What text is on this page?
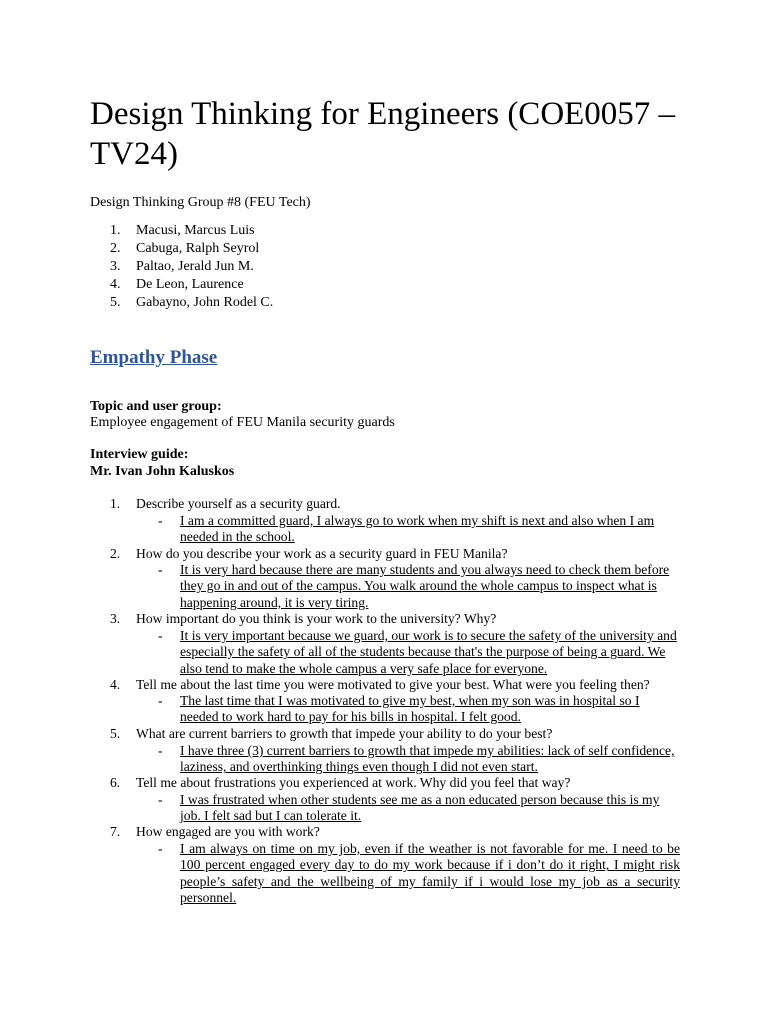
Design Thinking for Engineers (COE0057 – TV24)

Design Thinking Group #8 (FEU Tech)

1.	Macusi, Marcus Luis
2.	Cabuga, Ralph Seyrol
3.	Paltao, Jerald Jun M.
4.	De Leon, Laurence
5.	Gabayno, John Rodel C.
Empathy Phase

Topic and user group:

Employee engagement of FEU Manila security guards

Interview guide:

Mr. Ivan John Kaluskos

1.	Describe yourself as a security guard.
- I am a committed guard, I always go to work when my shift is next and also when I am needed in the school.
2.	How do you describe your work as a security guard in FEU Manila?
- It is very hard because there are many students and you always need to check them before they go in and out of the campus. You walk around the whole campus to inspect what is happening around, it is very tiring.
3.	How important do you think is your work to the university? Why?
- It is very important because we guard, our work is to secure the safety of the university and especially the safety of all of the students because that's the purpose of being a guard. We also tend to make the whole campus a very safe place for everyone.
4.	Tell me about the last time you were motivated to give your best. What were you feeling then?
- The last time that I was motivated to give my best, when my son was in hospital so I needed to work hard to pay for his bills in hospital. I felt good.
5.	What are current barriers to growth that impede your ability to do your best?
- I have three (3) current barriers to growth that impede my abilities: lack of self confidence, laziness, and overthinking things even though I did not even start.
6.	Tell me about frustrations you experienced at work. Why did you feel that way?
- I was frustrated when other students see me as a non educated person because this is my job. I felt sad but I can tolerate it.
7.	How engaged are you with work?
- I am always on time on my job, even if the weather is not favorable for me. I need to be 100 percent engaged every day to do my work because if i don’t do it right, I might risk people’s safety and the wellbeing of my family if i would lose my job as a security personnel.
